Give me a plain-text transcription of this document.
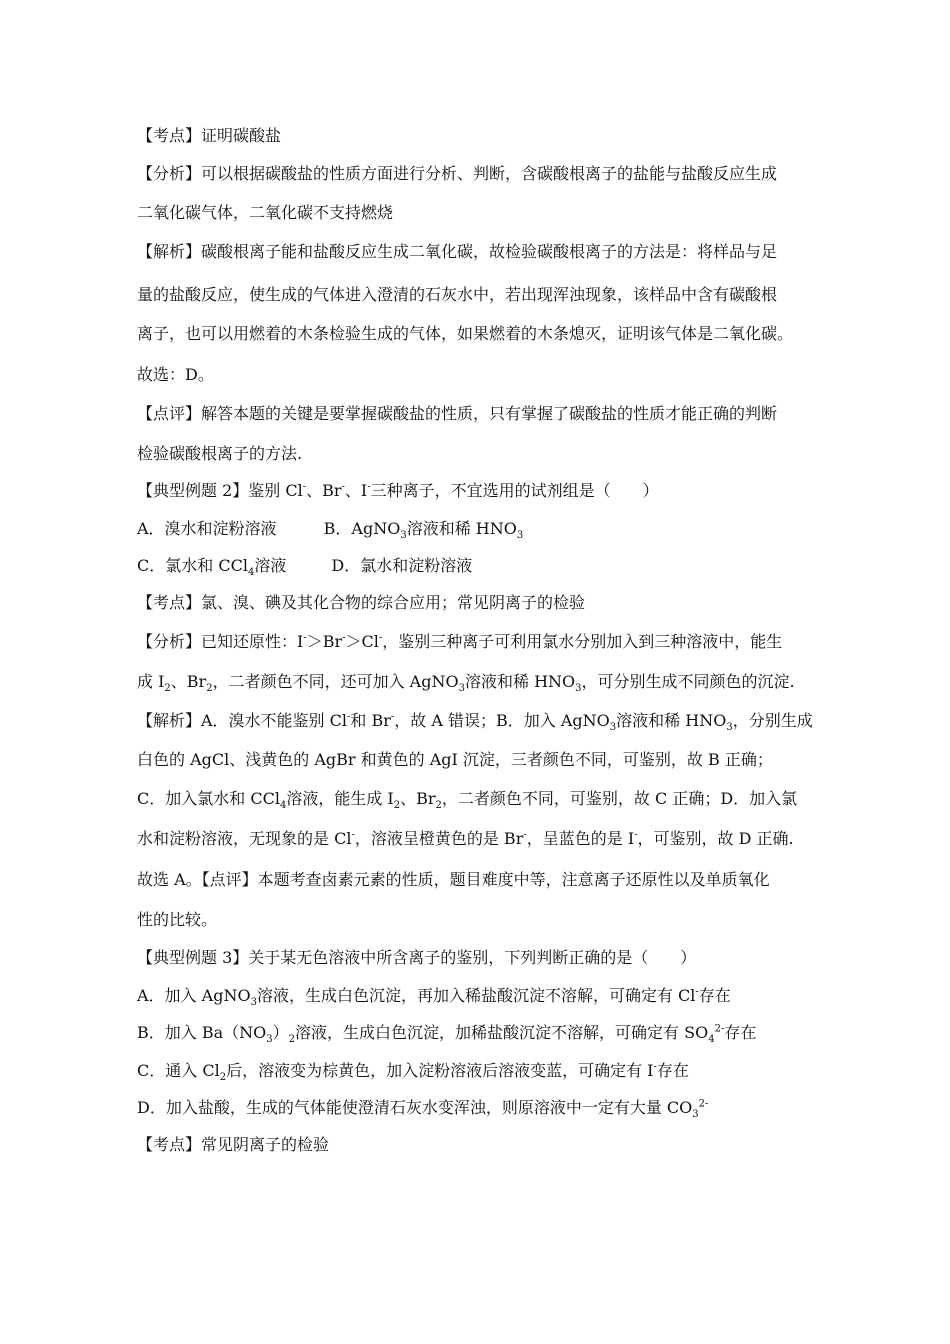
【考点】证明碳酸盐
【分析】可以根据碳酸盐的性质方面进行分析、判断，含碳酸根离子的盐能与盐酸反应生成
二氧化碳气体，二氧化碳不支持燃烧
【解析】碳酸根离子能和盐酸反应生成二氧化碳，故检验碳酸根离子的方法是：将样品与足
量的盐酸反应，使生成的气体进入澄清的石灰水中，若出现浑浊现象，该样品中含有碳酸根
离子，也可以用燃着的木条检验生成的气体，如果燃着的木条熄灭，证明该气体是二氧化碳。
故选：D。
【点评】解答本题的关键是要掌握碳酸盐的性质，只有掌握了碳酸盐的性质才能正确的判断
检验碳酸根离子的方法.
【典型例题 2】鉴别 Cl-、Br-、I-三种离子，不宜选用的试剂组是（　　）
A．溴水和淀粉溶液	B．AgNO$_3$溶液和稀 $HNO_3$
C．氯水和 CCl$_4$溶液	D．氯水和淀粉溶液
【考点】氯、溴、碘及其化合物的综合应用；常见阴离子的检验
【分析】已知还原性：I-＞Br-＞Cl-，鉴别三种离子可利用氯水分别加入到三种溶液中，能生
成 $I_2$、$Br_2$，二者颜色不同，还可加入 AgNO$_3$溶液和稀 $HNO_3$，可分别生成不同颜色的沉淀.
【解析】A．溴水不能鉴别 Cl-和 Br-，故 A 错误；B．加入 AgNO$_3$溶液和稀 $HNO_3$，分别生成
白色的 AgCl、浅黄色的 AgBr 和黄色的 AgI 沉淀，三者颜色不同，可鉴别，故 B 正确；
C．加入氯水和 CCl$_4$溶液，能生成 $I_2$、$Br_2$，二者颜色不同，可鉴别，故 C 正确；D．加入氯
水和淀粉溶液，无现象的是 Cl-，溶液呈橙黄色的是 Br-，呈蓝色的是 I-，可鉴别，故 D 正确.
故选 A。【点评】本题考查卤素元素的性质，题目难度中等，注意离子还原性以及单质氧化
性的比较。
【典型例题 3】关于某无色溶液中所含离子的鉴别，下列判断正确的是（　　）
A．加入 AgNO$_3$溶液，生成白色沉淀，再加入稀盐酸沉淀不溶解，可确定有 Cl-存在
B．加入 $Ba(NO_3)_2$溶液，生成白色沉淀，加稀盐酸沉淀不溶解，可确定有 $SO_4^{2-}$存在
C．通入 $Cl_2$后，溶液变为棕黄色，加入淀粉溶液后溶液变蓝，可确定有 I-存在
D．加入盐酸，生成的气体能使澄清石灰水变浑浊，则原溶液中一定有大量 $CO_3^{2-}$
【考点】常见阴离子的检验
